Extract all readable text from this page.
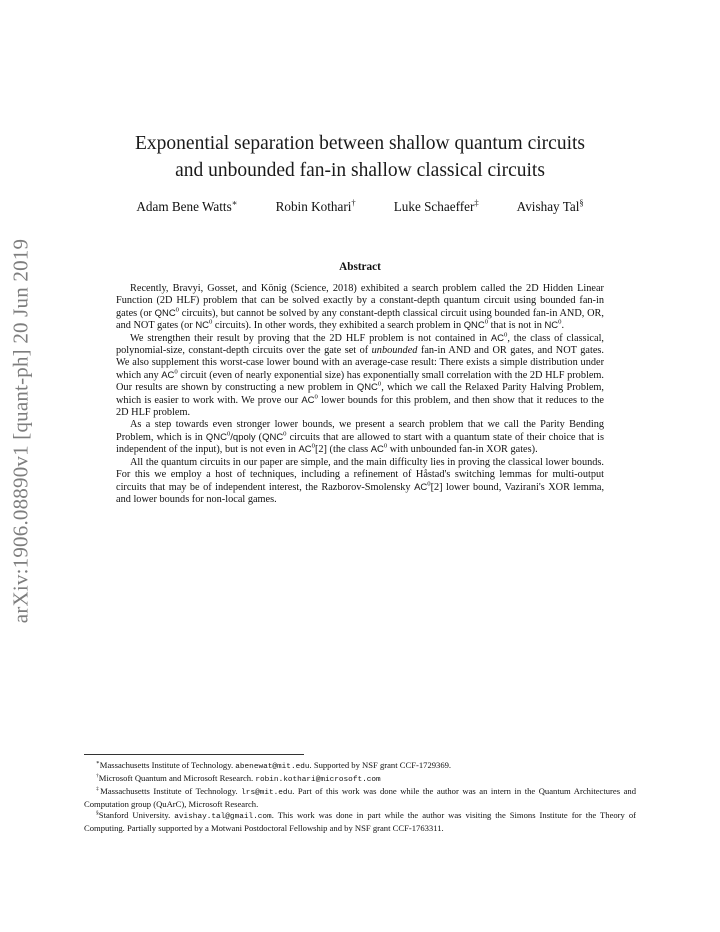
arXiv:1906.08890v1 [quant-ph] 20 Jun 2019
Exponential separation between shallow quantum circuits
and unbounded fan-in shallow classical circuits
Adam Bene Watts∗	Robin Kothari†	Luke Schaeffer‡	Avishay Tal§
Abstract

Recently, Bravyi, Gosset, and König (Science, 2018) exhibited a search problem called the 2D Hidden Linear Function (2D HLF) problem that can be solved exactly by a constant-depth quantum circuit using bounded fan-in gates (or QNC$^0$ circuits), but cannot be solved by any constant-depth classical circuit using bounded fan-in AND, OR, and NOT gates (or $NC^0$ circuits). In other words, they exhibited a search problem in QNC$^0$ that is not in $NC^0$.

We strengthen their result by proving that the 2D HLF problem is not contained in $AC^0$, the class of classical, polynomial-size, constant-depth circuits over the gate set of unbounded fan-in AND and OR gates, and NOT gates. We also supplement this worst-case lower bound with an average-case result: There exists a simple distribution under which any $AC^0$ circuit (even of nearly exponential size) has exponentially small correlation with the 2D HLF problem. Our results are shown by constructing a new problem in QNC$^0$, which we call the Relaxed Parity Halving Problem, which is easier to work with. We prove our $AC^0$ lower bounds for this problem, and then show that it reduces to the 2D HLF problem.

As a step towards even stronger lower bounds, we present a search problem that we call the Parity Bending Problem, which is in QNC$^0$/qpoly (QNC$^0$ circuits that are allowed to start with a quantum state of their choice that is independent of the input), but is not even in $AC^0[2]$ (the class $AC^0$ with unbounded fan-in XOR gates).

All the quantum circuits in our paper are simple, and the main difficulty lies in proving the classical lower bounds. For this we employ a host of techniques, including a refinement of Håstad's switching lemmas for multi-output circuits that may be of independent interest, the Razborov-Smolensky $AC^0[2]$ lower bound, Vazirani's XOR lemma, and lower bounds for non-local games.

∗Massachusetts Institute of Technology. abenewat@mit.edu. Supported by NSF grant CCF-1729369.

†Microsoft Quantum and Microsoft Research. robin.kothari@microsoft.com

‡Massachusetts Institute of Technology. lrs@mit.edu. Part of this work was done while the author was an intern in the Quantum Architectures and Computation group (QuArC), Microsoft Research.

§Stanford University. avishay.tal@gmail.com. This work was done in part while the author was visiting the Simons Institute for the Theory of Computing. Partially supported by a Motwani Postdoctoral Fellowship and by NSF grant CCF-1763311.
